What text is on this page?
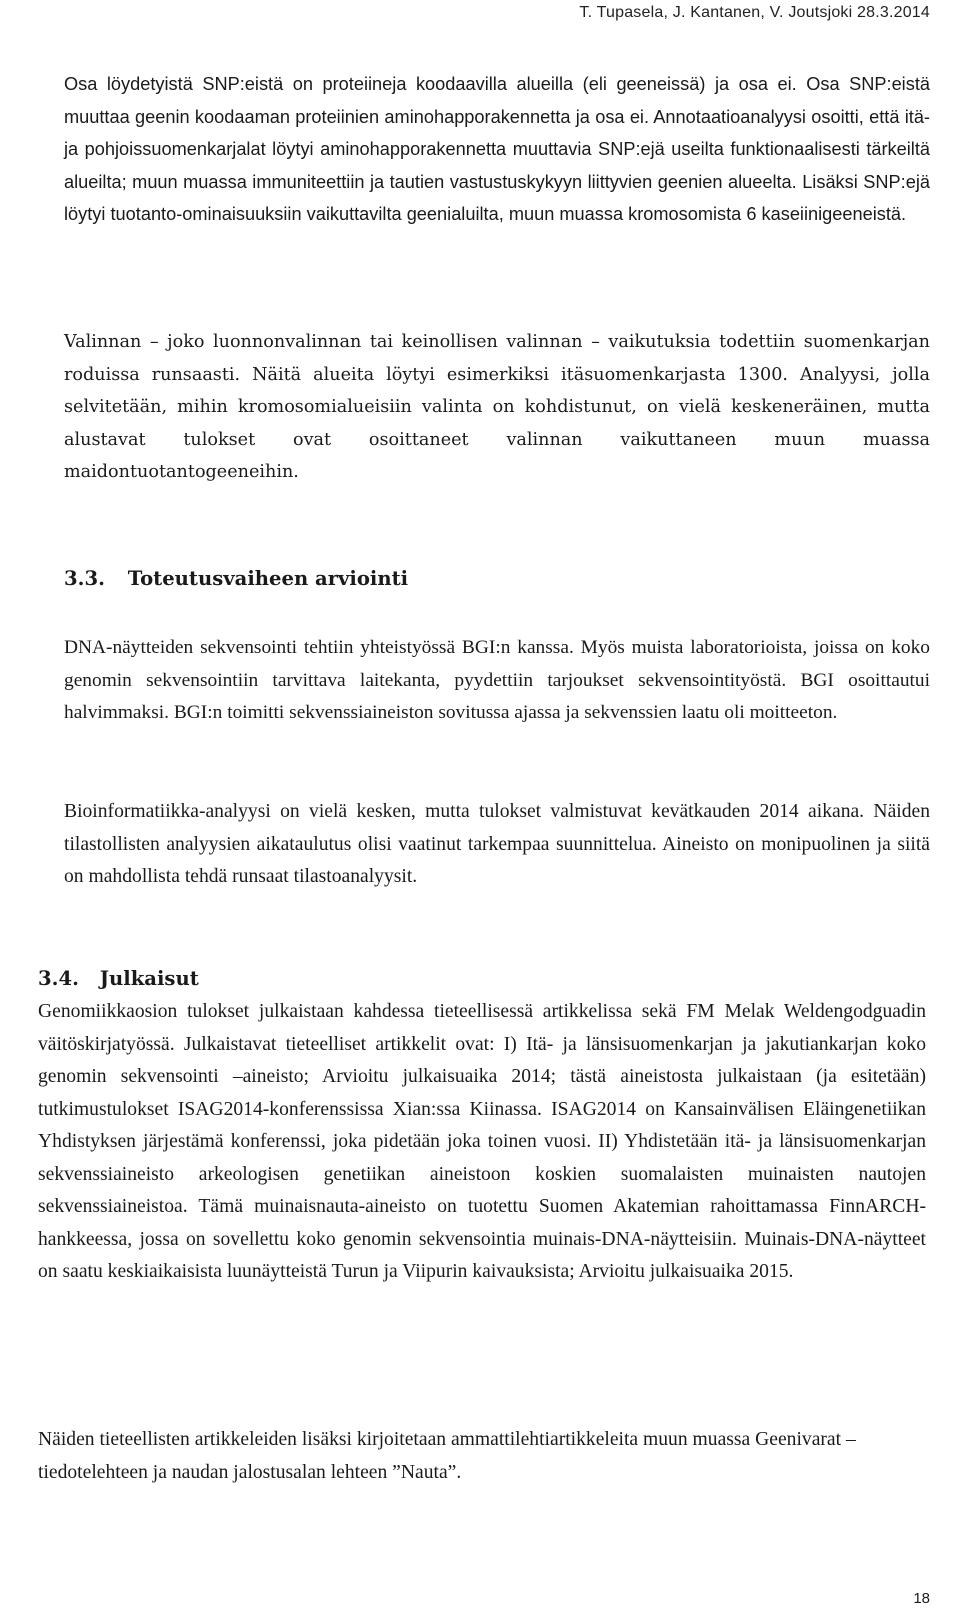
T. Tupasela, J. Kantanen, V. Joutsjoki 28.3.2014

Osa löydetyistä SNP:eistä on proteiineja koodaavilla alueilla (eli geeneissä) ja osa ei. Osa SNP:eistä muuttaa geenin koodaaman proteiinien aminohapporakennetta ja osa ei. Annotaatioanalyysi osoitti, että itä- ja pohjoissuomenkarjalat löytyi aminohapporakennetta muuttavia SNP:ejä useilta funktionaalisesti tärkeiltä alueilta; muun muassa immuniteettiin ja tautien vastustuskykyyn liittyvien geenien alueelta. Lisäksi SNP:ejä löytyi tuotanto-ominaisuuksiin vaikuttavilta geenialuilta, muun muassa kromosomista 6 kaseiinigeeneistä.

Valinnan – joko luonnonvalinnan tai keinollisen valinnan – vaikutuksia todettiin suomenkarjan roduissa runsaasti. Näitä alueita löytyi esimerkiksi itäsuomenkarjasta 1300. Analyysi, jolla selvitetään, mihin kromosomialueisiin valinta on kohdistunut, on vielä keskeneräinen, mutta alustavat tulokset ovat osoittaneet valinnan vaikuttaneen muun muassa maidontuotantogeeneihin.

3.3. Toteutusvaiheen arviointi

DNA-näytteiden sekvensointi tehtiin yhteistyössä BGI:n kanssa. Myös muista laboratorioista, joissa on koko genomin sekvensointiin tarvittava laitekanta, pyydettiin tarjoukset sekvensointityöstä. BGI osoittautui halvimmaksi. BGI:n toimitti sekvenssiaineiston sovitussa ajassa ja sekvenssien laatu oli moitteeton.

Bioinformatiikka-analyysi on vielä kesken, mutta tulokset valmistuvat kevätkauden 2014 aikana. Näiden tilastollisten analyysien aikataulutus olisi vaatinut tarkempaa suunnittelua. Aineisto on monipuolinen ja siitä on mahdollista tehdä runsaat tilastoanalyysit.

3.4. Julkaisut

Genomiikkaosion tulokset julkaistaan kahdessa tieteellisessä artikkelissa sekä FM Melak Weldengodguadin väitöskirjatyössä. Julkaistavat tieteelliset artikkelit ovat: I) Itä- ja länsisuomenkarjan ja jakutiankarjan koko genomin sekvensointi –aineisto; Arvioitu julkaisuaika 2014; tästä aineistosta julkaistaan (ja esitetään) tutkimustulokset ISAG2014-konferenssissa Xian:ssa Kiinassa. ISAG2014 on Kansainvälisen Eläingenetiikan Yhdistyksen järjestämä konferenssi, joka pidetään joka toinen vuosi. II) Yhdistetään itä- ja länsisuomenkarjan sekvenssiaineisto arkeologisen genetiikan aineistoon koskien suomalaisten muinaisten nautojen sekvenssiaineistoa. Tämä muinaisnauta-aineisto on tuotettu Suomen Akatemian rahoittamassa FinnARCH-hankkeessa, jossa on sovellettu koko genomin sekvensointia muinais-DNA-näytteisiin. Muinais-DNA-näytteet on saatu keskiaikaisista luunäytteistä Turun ja Viipurin kaivauksista; Arvioitu julkaisuaika 2015.

Näiden tieteellisten artikkeleiden lisäksi kirjoitetaan ammattilehtiartikkeleita muun muassa Geenivarat –tiedotelehteen ja naudan jalostusalan lehteen ”Nauta”.

18
